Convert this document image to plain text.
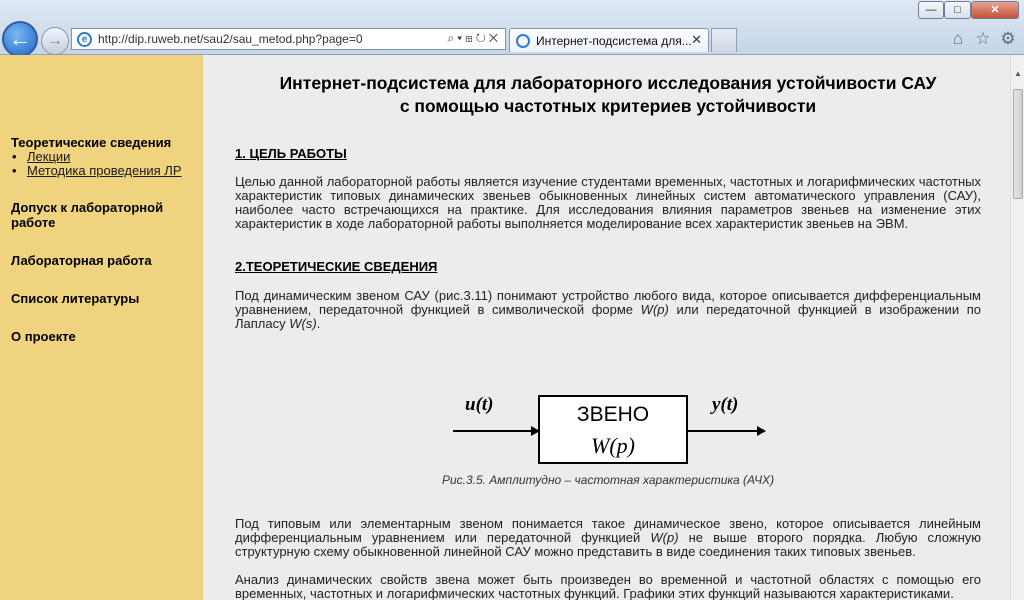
—	□	✕
←	→	e http://dip.ruweb.net/sau2/sau_metod.php?page=0	⌕▾⊞↻✕	Интернет-подсистема для... ✕	⌂ ☆ ⚙
Теоретические сведения
• Лекции
• Методика проведения ЛР
Допуск к лабораторной работе
Лабораторная работа
Список литературы
О проекте
Интернет-подсистема для лабораторного исследования устойчивости САУ
с помощью частотных критериев устойчивости
1. ЦЕЛЬ РАБОТЫ
Целью данной лабораторной работы является изучение студентами временных, частотных и логарифмических частотных характеристик типовых динамических звеньев обыкновенных линейных систем автоматического управления (САУ), наиболее часто встречающихся на практике. Для исследования влияния параметров звеньев на изменение этих характеристик в ходе лабораторной работы выполняется моделирование всех характеристик звеньев на ЭВМ.
2.ТЕОРЕТИЧЕСКИЕ СВЕДЕНИЯ
Под динамическим звеном САУ (рис.3.11) понимают устройство любого вида, которое описывается дифференциальным уравнением, передаточной функцией в символической форме W(p) или передаточной функцией в изображении по Лапласу W(s).
u(t)	ЗВЕНО
W(p)
y(t)
Рис.3.5. Амплитудно – частотная характеристика (АЧХ)
Под типовым или элементарным звеном понимается такое динамическое звено, которое описывается линейным дифференциальным уравнением или передаточной функцией W(p) не выше второго порядка. Любую сложную структурную схему обыкновенной линейной САУ можно представить в виде соединения таких типовых звеньев.
Анализ динамических свойств звена может быть произведен во временной и частотной областях с помощью его временных, частотных и логарифмических частотных функций. Графики этих функций называются характеристиками.
▲
